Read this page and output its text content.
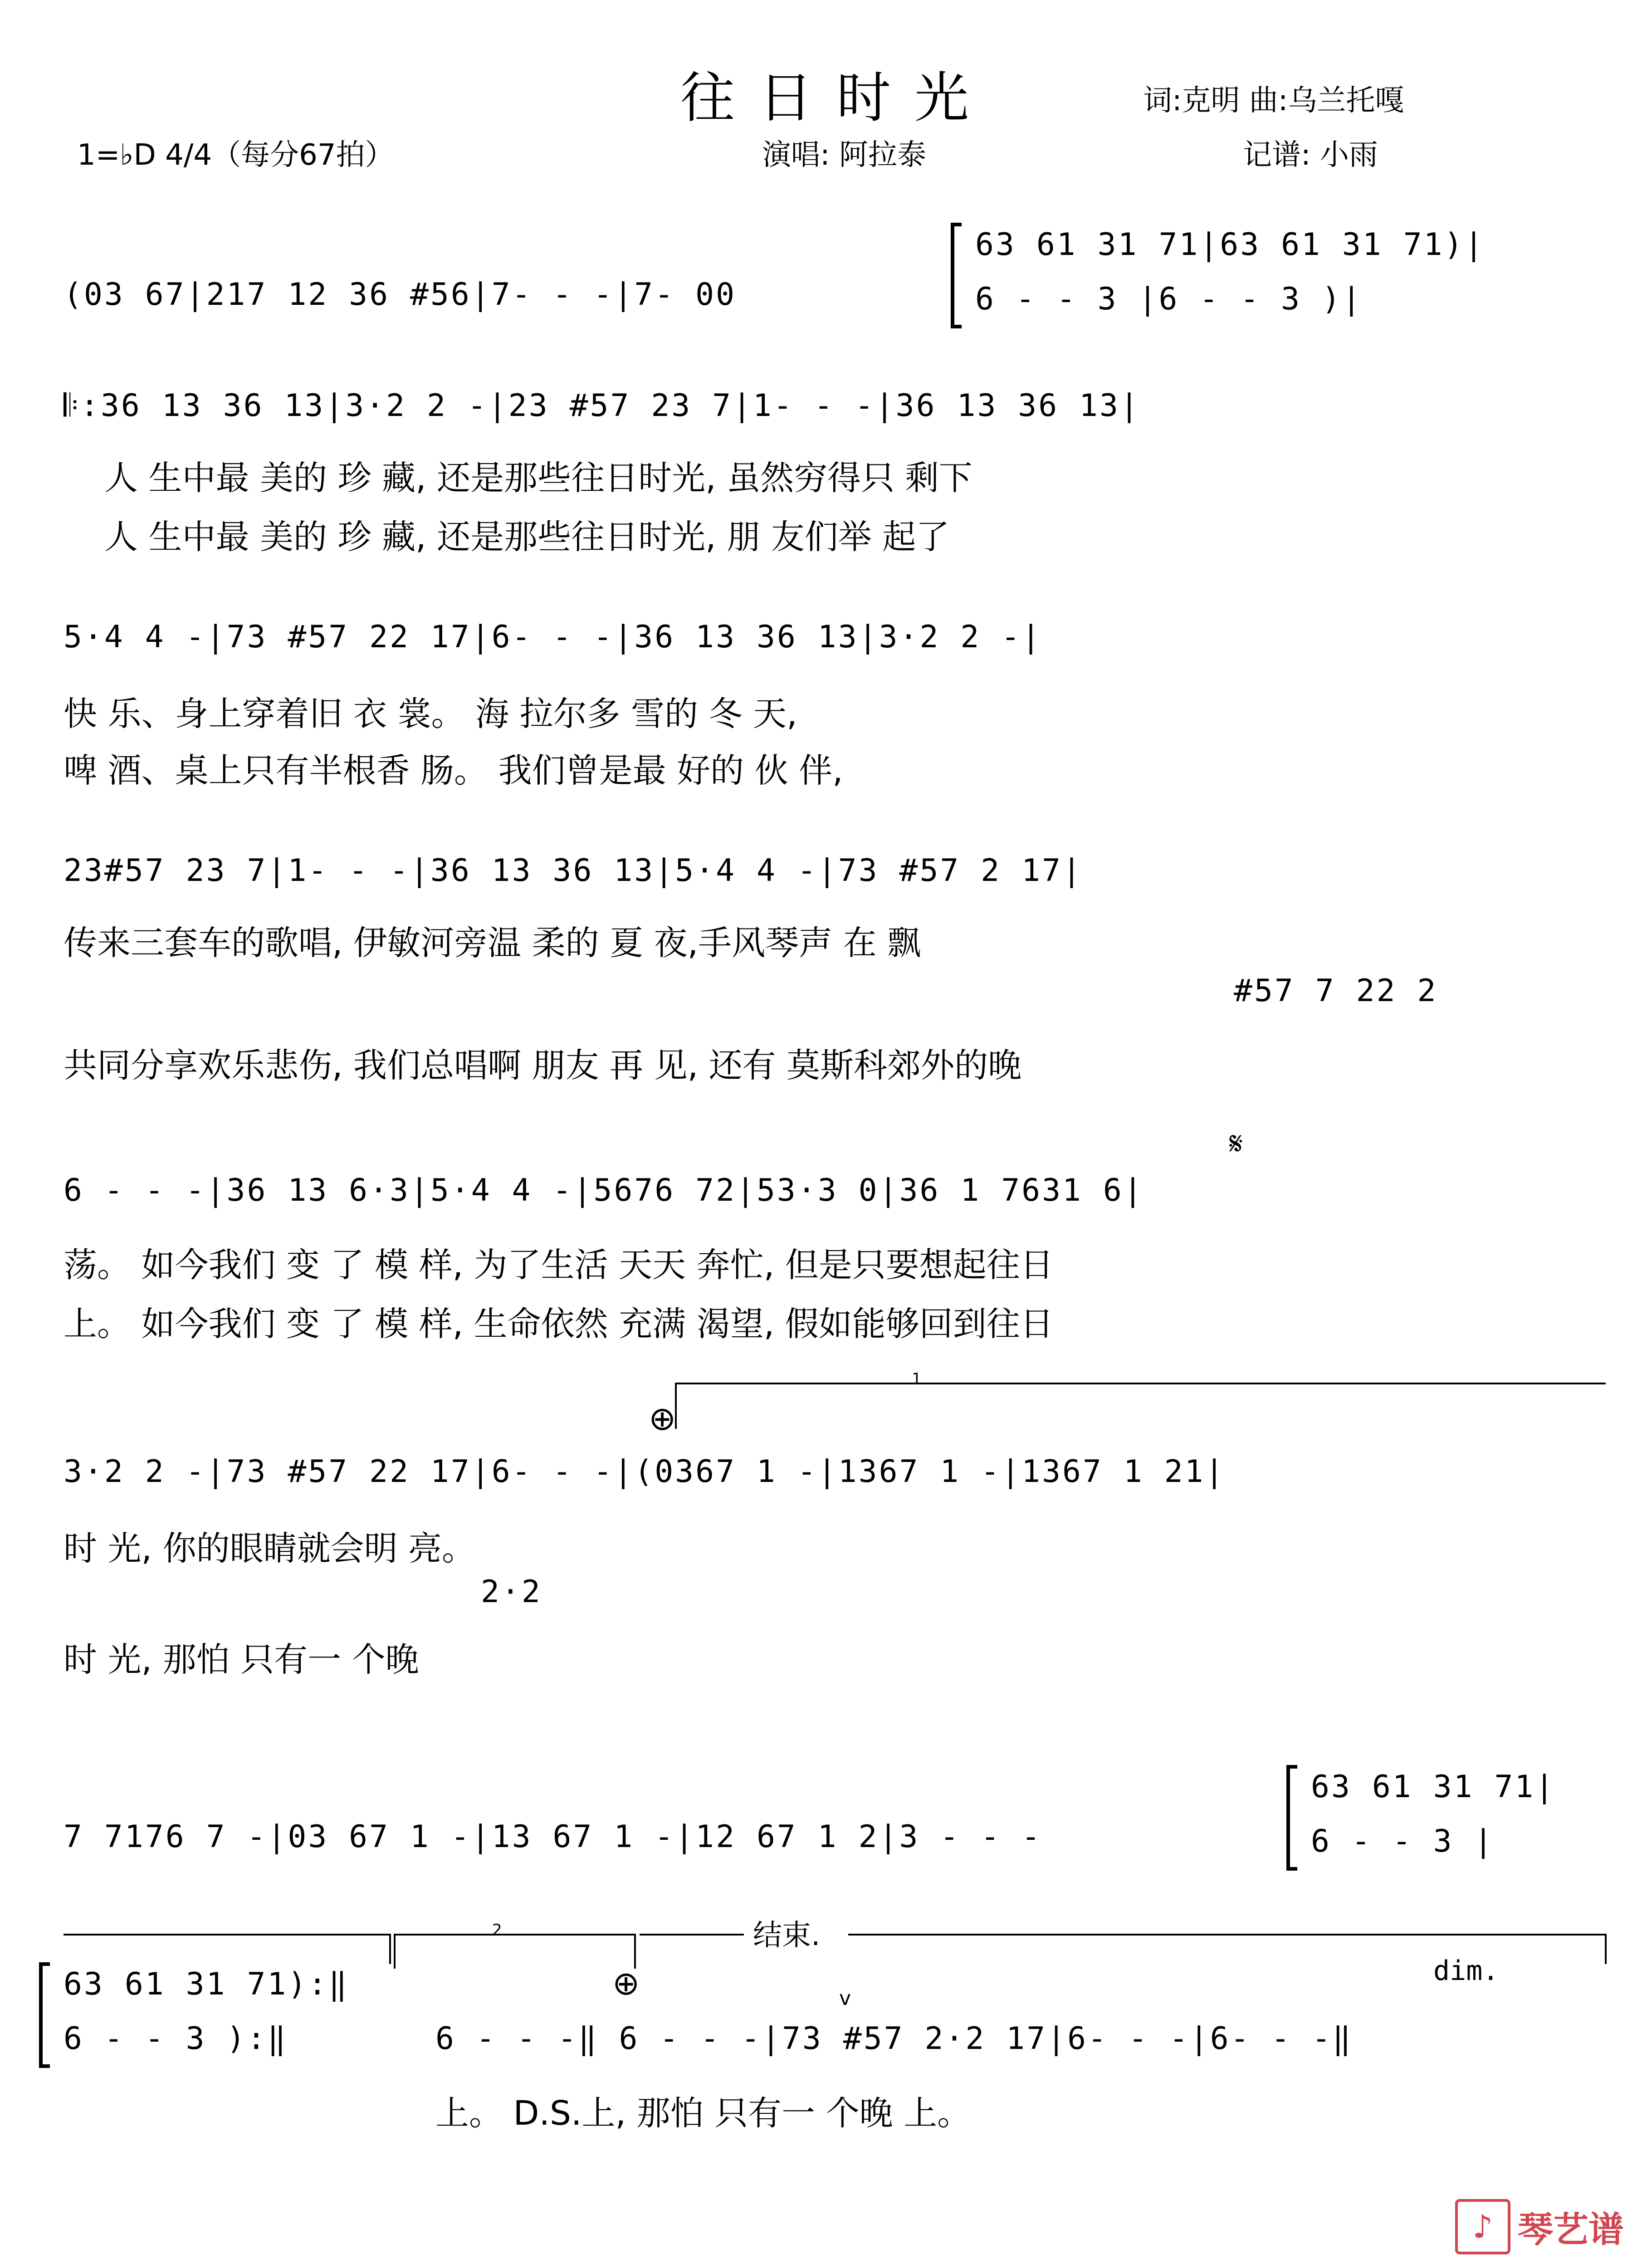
往日时光	词:克明 曲:乌兰托嘎
1=♭D 4/4（每分67拍）	演唱: 阿拉泰	记谱: 小雨
(03 67|217 12 36 #56|7- - -|7- 00
63 61 31 71|63 61 31 71)|
6 - - 3 |6 - - 3 )|
𝄆:36 13 36 13|3·2 2 -|23 #57 23 7|1- - -|36 13 36 13|
人 生中最 美的 珍 藏, 还是那些往日时光, 虽然穷得只 剩下
人 生中最 美的 珍 藏, 还是那些往日时光, 朋 友们举 起了
5·4 4 -|73 #57 22 17|6- - -|36 13 36 13|3·2 2 -|
快 乐、身上穿着旧 衣 裳。 海 拉尔多 雪的 冬 天,
啤 酒、桌上只有半根香 肠。 我们曾是最 好的 伙 伴,
23#57 23 7|1- - -|36 13 36 13|5·4 4 -|73 #57 2 17|
传来三套车的歌唱, 伊敏河旁温 柔的 夏 夜,手风琴声 在 飘
#57 7 22 2
共同分享欢乐悲伤, 我们总唱啊 朋友 再 见, 还有 莫斯科郊外的晚
𝄋
6 - - -|36 13 6·3|5·4 4 -|5676 72|53·3 0|36 1 7631 6|
荡。 如今我们 变 了 模 样, 为了生活 天天 奔忙, 但是只要想起往日
上。 如今我们 变 了 模 样, 生命依然 充满 渴望, 假如能够回到往日
1
⊕
3·2 2 -|73 #57 22 17|6- - -|(0367 1 -|1367 1 -|1367 1 21|
时 光, 你的眼睛就会明 亮。
2·2
时 光, 那怕 只有一 个晚
7 7176 7 -|03 67 1 -|13 67 1 -|12 67 1 2|3 - - -
63 61 31 71|
6 - - 3 |
2	结束.
⊕	v
dim.
63 61 31 71):‖
6 - - 3 ):‖	6 - - -‖ 6 - - -|73 #57 2·2 17|6- - -|6- - -‖
上。 D.S.上, 那怕 只有一 个晚 上。
♪ 琴艺谱
